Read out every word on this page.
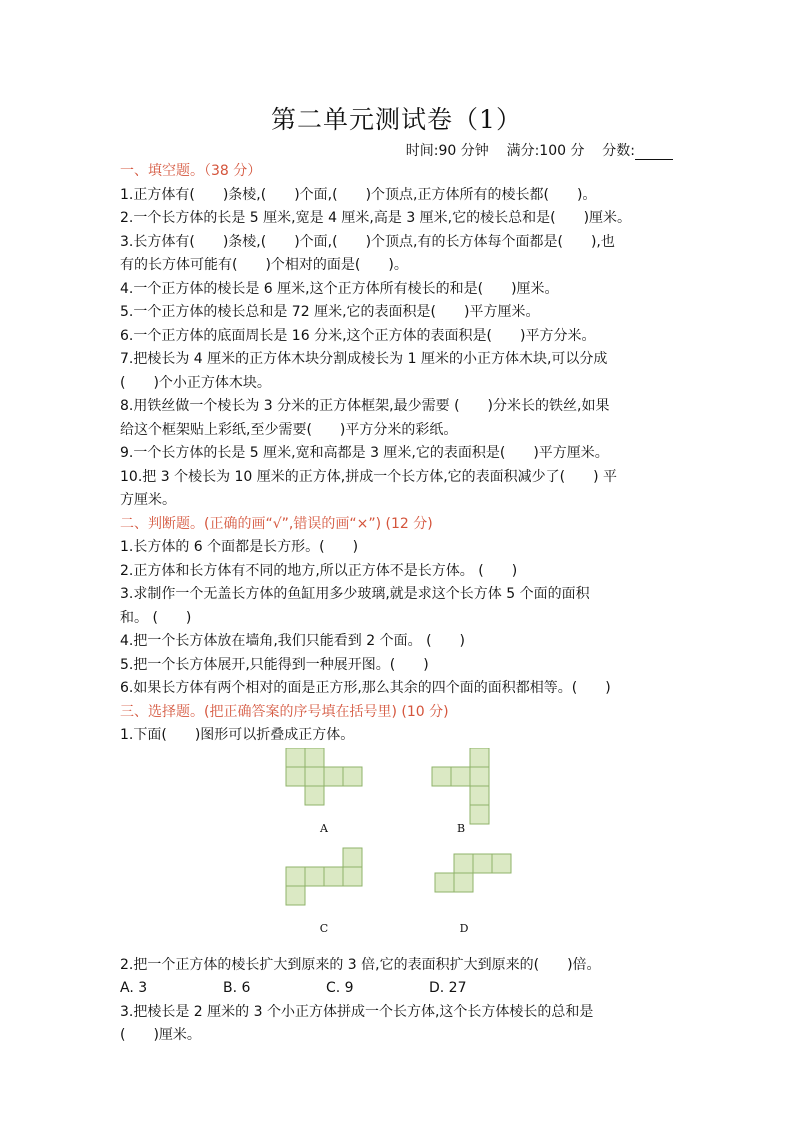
第二单元测试卷（1）
时间:90 分钟 满分:100 分 分数:
一、填空题。（38 分）
1.正方体有(　　)条棱,(　　)个面,(　　)个顶点,正方体所有的棱长都(　　)。
2.一个长方体的长是 5 厘米,宽是 4 厘米,高是 3 厘米,它的棱长总和是(　　)厘米。
3.长方体有(　　)条棱,(　　)个面,(　　)个顶点,有的长方体每个面都是(　　),也
有的长方体可能有(　　)个相对的面是(　　)。
4.一个正方体的棱长是 6 厘米,这个正方体所有棱长的和是(　　)厘米。
5.一个正方体的棱长总和是 72 厘米,它的表面积是(　　)平方厘米。
6.一个正方体的底面周长是 16 分米,这个正方体的表面积是(　　)平方分米。
7.把棱长为 4 厘米的正方体木块分割成棱长为 1 厘米的小正方体木块,可以分成
(　　)个小正方体木块。
8.用铁丝做一个棱长为 3 分米的正方体框架,最少需要 (　　)分米长的铁丝,如果
给这个框架贴上彩纸,至少需要(　　)平方分米的彩纸。
9.一个长方体的长是 5 厘米,宽和高都是 3 厘米,它的表面积是(　　)平方厘米。
10.把 3 个棱长为 10 厘米的正方体,拼成一个长方体,它的表面积减少了(　　) 平
方厘米。
二、判断题。(正确的画“√”,错误的画“×”) (12 分)
1.长方体的 6 个面都是长方形。(　　)
2.正方体和长方体有不同的地方,所以正方体不是长方体。 (　　)
3.求制作一个无盖长方体的鱼缸用多少玻璃,就是求这个长方体 5 个面的面积
和。 (　　)
4.把一个长方体放在墙角,我们只能看到 2 个面。 (　　)
5.把一个长方体展开,只能得到一种展开图。(　　)
6.如果长方体有两个相对的面是正方形,那么其余的四个面的面积都相等。(　　)
三、选择题。(把正确答案的序号填在括号里) (10 分)
1.下面(　　)图形可以折叠成正方体。
A	B
C	D
2.把一个正方体的棱长扩大到原来的 3 倍,它的表面积扩大到原来的(　　)倍。
A. 3	B. 6	C. 9	D. 27
3.把棱长是 2 厘米的 3 个小正方体拼成一个长方体,这个长方体棱长的总和是
(　　)厘米。
